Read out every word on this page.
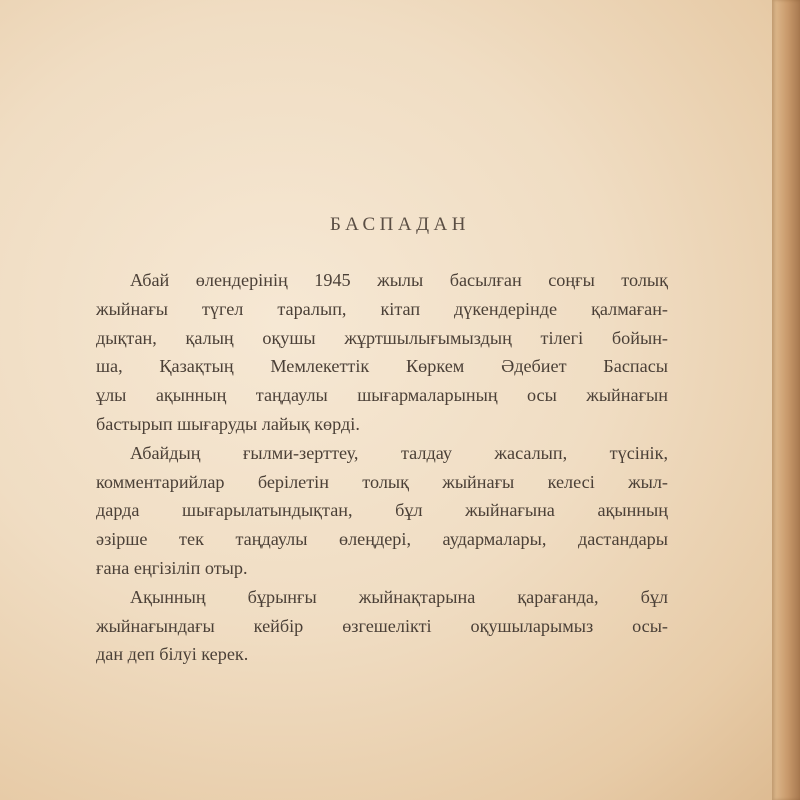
БАСПАДАН
Абай өлендерінің 1945 жылы басылған соңғы толық
жыйнағы түгел таралып, кітап дүкендерінде қалмаған-
дықтан, қалың оқушы жұртшылығымыздың тілегі бойын-
ша, Қазақтың Мемлекеттік Көркем Әдебиет Баспасы
ұлы ақынның таңдаулы шығармаларының осы жыйнағын
бастырып шығаруды лайық көрді.
Абайдың ғылми-зерттеу, талдау жасалып, түсінік,
комментарийлар берілетін толық жыйнағы келесі жыл-
дарда шығарылатындықтан, бұл жыйнағына ақынның
әзірше тек таңдаулы өлеңдері, аудармалары, дастандары
ғана еңгізіліп отыр.
Ақынның бұрынғы жыйнақтарына қарағанда, бұл
жыйнағындағы кейбір өзгешелікті оқушыларымыз осы-
дан деп білуі керек.
